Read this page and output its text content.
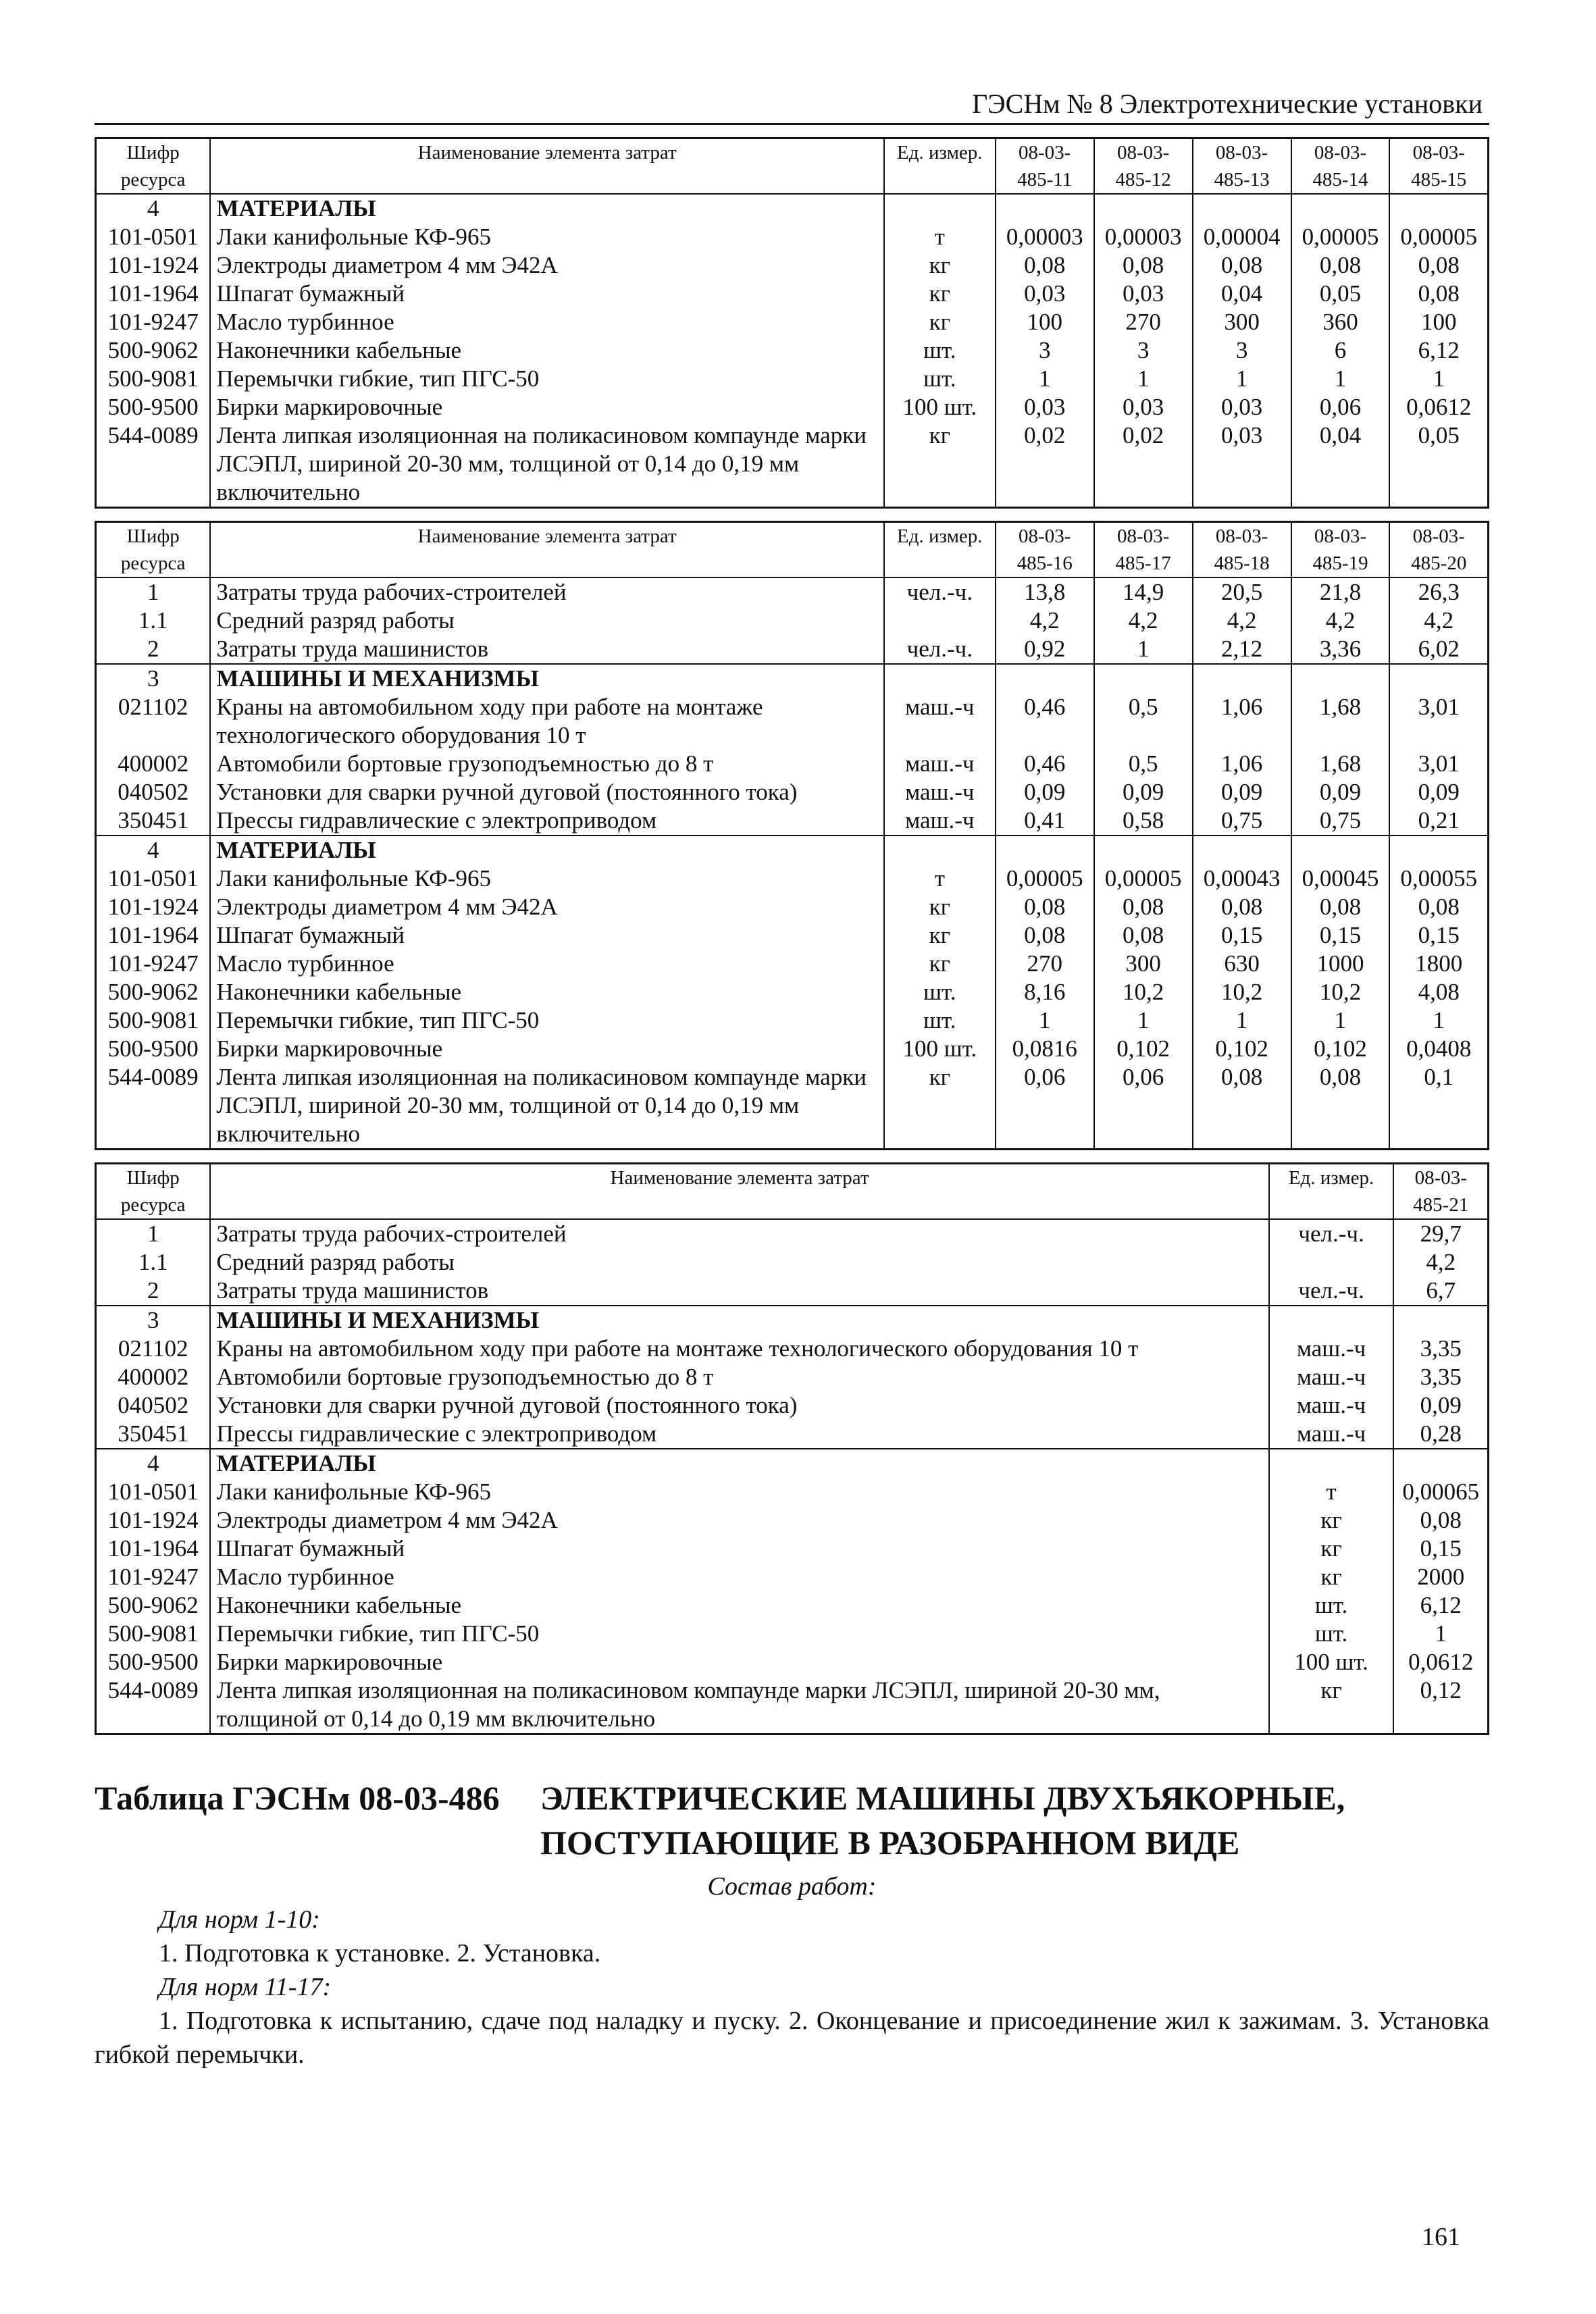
ГЭСНм № 8 Электротехнические установки
Шифр ресурса	Наименование элемента затрат	Ед. измер.	08-03-485-11	08-03-485-12	08-03-485-13	08-03-485-14	08-03-485-15
4	МАТЕРИАЛЫ						
101-0501	Лаки канифольные КФ-965	т	0,00003	0,00003	0,00004	0,00005	0,00005
101-1924	Электроды диаметром 4 мм Э42А	кг	0,08	0,08	0,08	0,08	0,08
101-1964	Шпагат бумажный	кг	0,03	0,03	0,04	0,05	0,08
101-9247	Масло турбинное	кг	100	270	300	360	100
500-9062	Наконечники кабельные	шт.	3	3	3	6	6,12
500-9081	Перемычки гибкие, тип ПГС-50	шт.	1	1	1	1	1
500-9500	Бирки маркировочные	100 шт.	0,03	0,03	0,03	0,06	0,0612
544-0089	Лента липкая изоляционная на поликасиновом компаунде марки ЛСЭПЛ, шириной 20-30 мм, толщиной от 0,14 до 0,19 мм включительно	кг	0,02	0,02	0,03	0,04	0,05
Шифр ресурса	Наименование элемента затрат	Ед. измер.	08-03-485-16	08-03-485-17	08-03-485-18	08-03-485-19	08-03-485-20
1	Затраты труда рабочих-строителей	чел.-ч.	13,8	14,9	20,5	21,8	26,3
1.1	Средний разряд работы		4,2	4,2	4,2	4,2	4,2
2	Затраты труда машинистов	чел.-ч.	0,92	1	2,12	3,36	6,02
3	МАШИНЫ И МЕХАНИЗМЫ						
021102	Краны на автомобильном ходу при работе на монтаже технологического оборудования 10 т	маш.-ч	0,46	0,5	1,06	1,68	3,01
400002	Автомобили бортовые грузоподъемностью до 8 т	маш.-ч	0,46	0,5	1,06	1,68	3,01
040502	Установки для сварки ручной дуговой (постоянного тока)	маш.-ч	0,09	0,09	0,09	0,09	0,09
350451	Прессы гидравлические с электроприводом	маш.-ч	0,41	0,58	0,75	0,75	0,21
4	МАТЕРИАЛЫ						
101-0501	Лаки канифольные КФ-965	т	0,00005	0,00005	0,00043	0,00045	0,00055
101-1924	Электроды диаметром 4 мм Э42А	кг	0,08	0,08	0,08	0,08	0,08
101-1964	Шпагат бумажный	кг	0,08	0,08	0,15	0,15	0,15
101-9247	Масло турбинное	кг	270	300	630	1000	1800
500-9062	Наконечники кабельные	шт.	8,16	10,2	10,2	10,2	4,08
500-9081	Перемычки гибкие, тип ПГС-50	шт.	1	1	1	1	1
500-9500	Бирки маркировочные	100 шт.	0,0816	0,102	0,102	0,102	0,0408
544-0089	Лента липкая изоляционная на поликасиновом компаунде марки ЛСЭПЛ, шириной 20-30 мм, толщиной от 0,14 до 0,19 мм включительно	кг	0,06	0,06	0,08	0,08	0,1
Шифр ресурса	Наименование элемента затрат	Ед. измер.	08-03-485-21
1	Затраты труда рабочих-строителей	чел.-ч.	29,7
1.1	Средний разряд работы		4,2
2	Затраты труда машинистов	чел.-ч.	6,7
3	МАШИНЫ И МЕХАНИЗМЫ		
021102	Краны на автомобильном ходу при работе на монтаже технологического оборудования 10 т	маш.-ч	3,35
400002	Автомобили бортовые грузоподъемностью до 8 т	маш.-ч	3,35
040502	Установки для сварки ручной дуговой (постоянного тока)	маш.-ч	0,09
350451	Прессы гидравлические с электроприводом	маш.-ч	0,28
4	МАТЕРИАЛЫ		
101-0501	Лаки канифольные КФ-965	т	0,00065
101-1924	Электроды диаметром 4 мм Э42А	кг	0,08
101-1964	Шпагат бумажный	кг	0,15
101-9247	Масло турбинное	кг	2000
500-9062	Наконечники кабельные	шт.	6,12
500-9081	Перемычки гибкие, тип ПГС-50	шт.	1
500-9500	Бирки маркировочные	100 шт.	0,0612
544-0089	Лента липкая изоляционная на поликасиновом компаунде марки ЛСЭПЛ, шириной 20-30 мм, толщиной от 0,14 до 0,19 мм включительно	кг	0,12
Таблица ГЭСНм 08-03-486	ЭЛЕКТРИЧЕСКИЕ МАШИНЫ ДВУХЪЯКОРНЫЕ, ПОСТУПАЮЩИЕ В РАЗОБРАННОМ ВИДЕ
Состав работ:
Для норм 1-10:
1. Подготовка к установке. 2. Установка.
Для норм 11-17:
1. Подготовка к испытанию, сдаче под наладку и пуску. 2. Оконцевание и присоединение жил к зажимам. 3. Установка гибкой перемычки.
161
